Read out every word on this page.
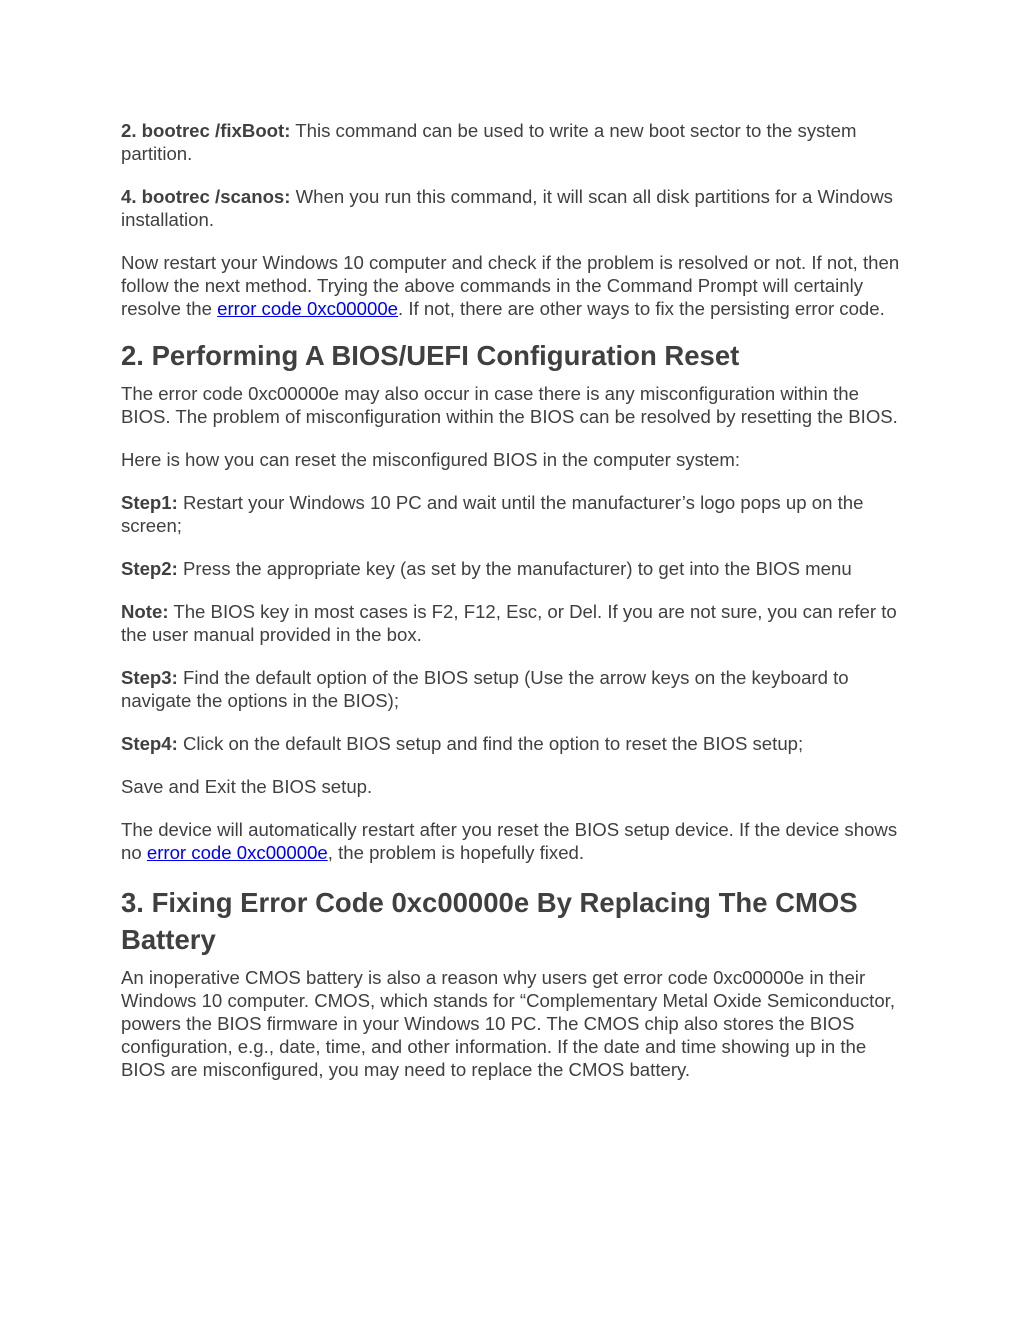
2. bootrec /fixBoot: This command can be used to write a new boot sector to the system partition.

4. bootrec /scanos: When you run this command, it will scan all disk partitions for a Windows installation.

Now restart your Windows 10 computer and check if the problem is resolved or not. If not, then follow the next method. Trying the above commands in the Command Prompt will certainly resolve the error code 0xc00000e. If not, there are other ways to fix the persisting error code.

2. Performing A BIOS/UEFI Configuration Reset

The error code 0xc00000e may also occur in case there is any misconfiguration within the BIOS. The problem of misconfiguration within the BIOS can be resolved by resetting the BIOS.

Here is how you can reset the misconfigured BIOS in the computer system:

Step1: Restart your Windows 10 PC and wait until the manufacturer’s logo pops up on the screen;

Step2: Press the appropriate key (as set by the manufacturer) to get into the BIOS menu

Note: The BIOS key in most cases is F2, F12, Esc, or Del. If you are not sure, you can refer to the user manual provided in the box.

Step3: Find the default option of the BIOS setup (Use the arrow keys on the keyboard to navigate the options in the BIOS);

Step4: Click on the default BIOS setup and find the option to reset the BIOS setup;

Save and Exit the BIOS setup.

The device will automatically restart after you reset the BIOS setup device. If the device shows no error code 0xc00000e, the problem is hopefully fixed.

3. Fixing Error Code 0xc00000e By Replacing The CMOS Battery

An inoperative CMOS battery is also a reason why users get error code 0xc00000e in their Windows 10 computer. CMOS, which stands for “Complementary Metal Oxide Semiconductor, powers the BIOS firmware in your Windows 10 PC. The CMOS chip also stores the BIOS configuration, e.g., date, time, and other information. If the date and time showing up in the BIOS are misconfigured, you may need to replace the CMOS battery.
